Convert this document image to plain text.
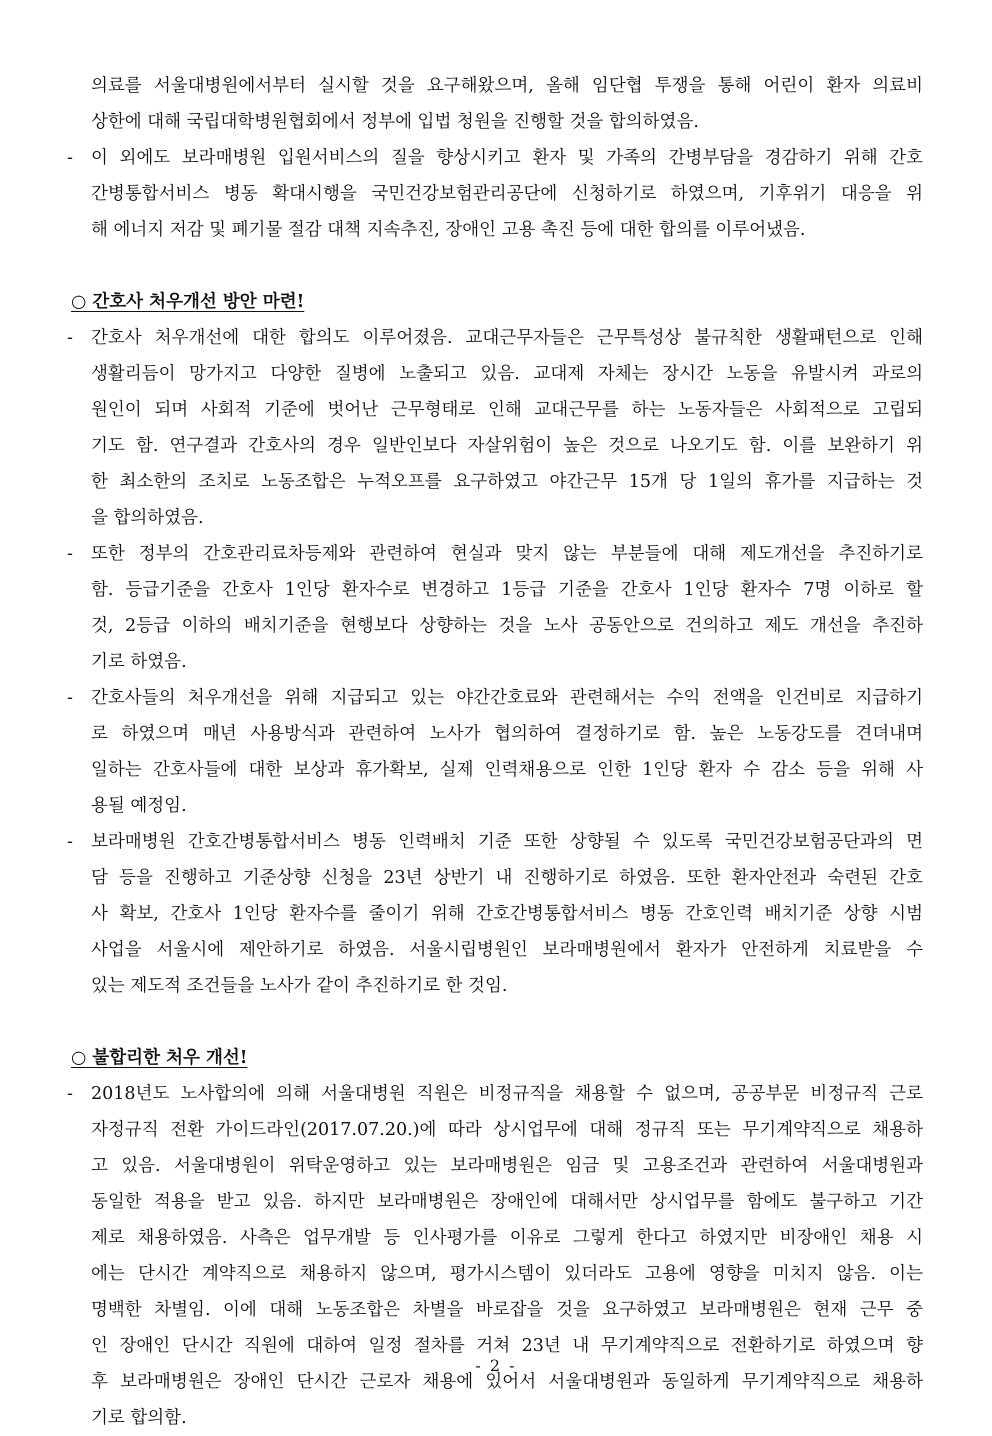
의료를 서울대병원에서부터 실시할 것을 요구해왔으며, 올해 임단협 투쟁을 통해 어린이 환자 의료비
상한에 대해 국립대학병원협회에서 정부에 입법 청원을 진행할 것을 합의하였음.
-	이 외에도 보라매병원 입원서비스의 질을 향상시키고 환자 및 가족의 간병부담을 경감하기 위해 간호
간병통합서비스 병동 확대시행을 국민건강보험관리공단에 신청하기로 하였으며, 기후위기 대응을 위
해 에너지 저감 및 폐기물 절감 대책 지속추진, 장애인 고용 촉진 등에 대한 합의를 이루어냈음.
○ 간호사 처우개선 방안 마련!
-	간호사 처우개선에 대한 합의도 이루어졌음. 교대근무자들은 근무특성상 불규칙한 생활패턴으로 인해
생활리듬이 망가지고 다양한 질병에 노출되고 있음. 교대제 자체는 장시간 노동을 유발시켜 과로의
원인이 되며 사회적 기준에 벗어난 근무형태로 인해 교대근무를 하는 노동자들은 사회적으로 고립되
기도 함. 연구결과 간호사의 경우 일반인보다 자살위험이 높은 것으로 나오기도 함. 이를 보완하기 위
한 최소한의 조치로 노동조합은 누적오프를 요구하였고 야간근무 15개 당 1일의 휴가를 지급하는 것
을 합의하였음.
-	또한 정부의 간호관리료차등제와 관련하여 현실과 맞지 않는 부분들에 대해 제도개선을 추진하기로
함. 등급기준을 간호사 1인당 환자수로 변경하고 1등급 기준을 간호사 1인당 환자수 7명 이하로 할
것, 2등급 이하의 배치기준을 현행보다 상향하는 것을 노사 공동안으로 건의하고 제도 개선을 추진하
기로 하였음.
-	간호사들의 처우개선을 위해 지급되고 있는 야간간호료와 관련해서는 수익 전액을 인건비로 지급하기
로 하였으며 매년 사용방식과 관련하여 노사가 협의하여 결정하기로 함. 높은 노동강도를 견뎌내며
일하는 간호사들에 대한 보상과 휴가확보, 실제 인력채용으로 인한 1인당 환자 수 감소 등을 위해 사
용될 예정임.
-	보라매병원 간호간병통합서비스 병동 인력배치 기준 또한 상향될 수 있도록 국민건강보험공단과의 면
담 등을 진행하고 기준상향 신청을 23년 상반기 내 진행하기로 하였음. 또한 환자안전과 숙련된 간호
사 확보, 간호사 1인당 환자수를 줄이기 위해 간호간병통합서비스 병동 간호인력 배치기준 상향 시범
사업을 서울시에 제안하기로 하였음. 서울시립병원인 보라매병원에서 환자가 안전하게 치료받을 수
있는 제도적 조건들을 노사가 같이 추진하기로 한 것임.
○ 불합리한 처우 개선!
-	2018년도 노사합의에 의해 서울대병원 직원은 비정규직을 채용할 수 없으며, 공공부문 비정규직 근로
자정규직 전환 가이드라인(2017.07.20.)에 따라 상시업무에 대해 정규직 또는 무기계약직으로 채용하
고 있음. 서울대병원이 위탁운영하고 있는 보라매병원은 임금 및 고용조건과 관련하여 서울대병원과
동일한 적용을 받고 있음. 하지만 보라매병원은 장애인에 대해서만 상시업무를 함에도 불구하고 기간
제로 채용하였음. 사측은 업무개발 등 인사평가를 이유로 그렇게 한다고 하였지만 비장애인 채용 시
에는 단시간 계약직으로 채용하지 않으며, 평가시스템이 있더라도 고용에 영향을 미치지 않음. 이는
명백한 차별임. 이에 대해 노동조합은 차별을 바로잡을 것을 요구하였고 보라매병원은 현재 근무 중
인 장애인 단시간 직원에 대하여 일정 절차를 거쳐 23년 내 무기계약직으로 전환하기로 하였으며 향
후 보라매병원은 장애인 단시간 근로자 채용에 있어서 서울대병원과 동일하게 무기계약직으로 채용하
기로 합의함.
- 2 -
